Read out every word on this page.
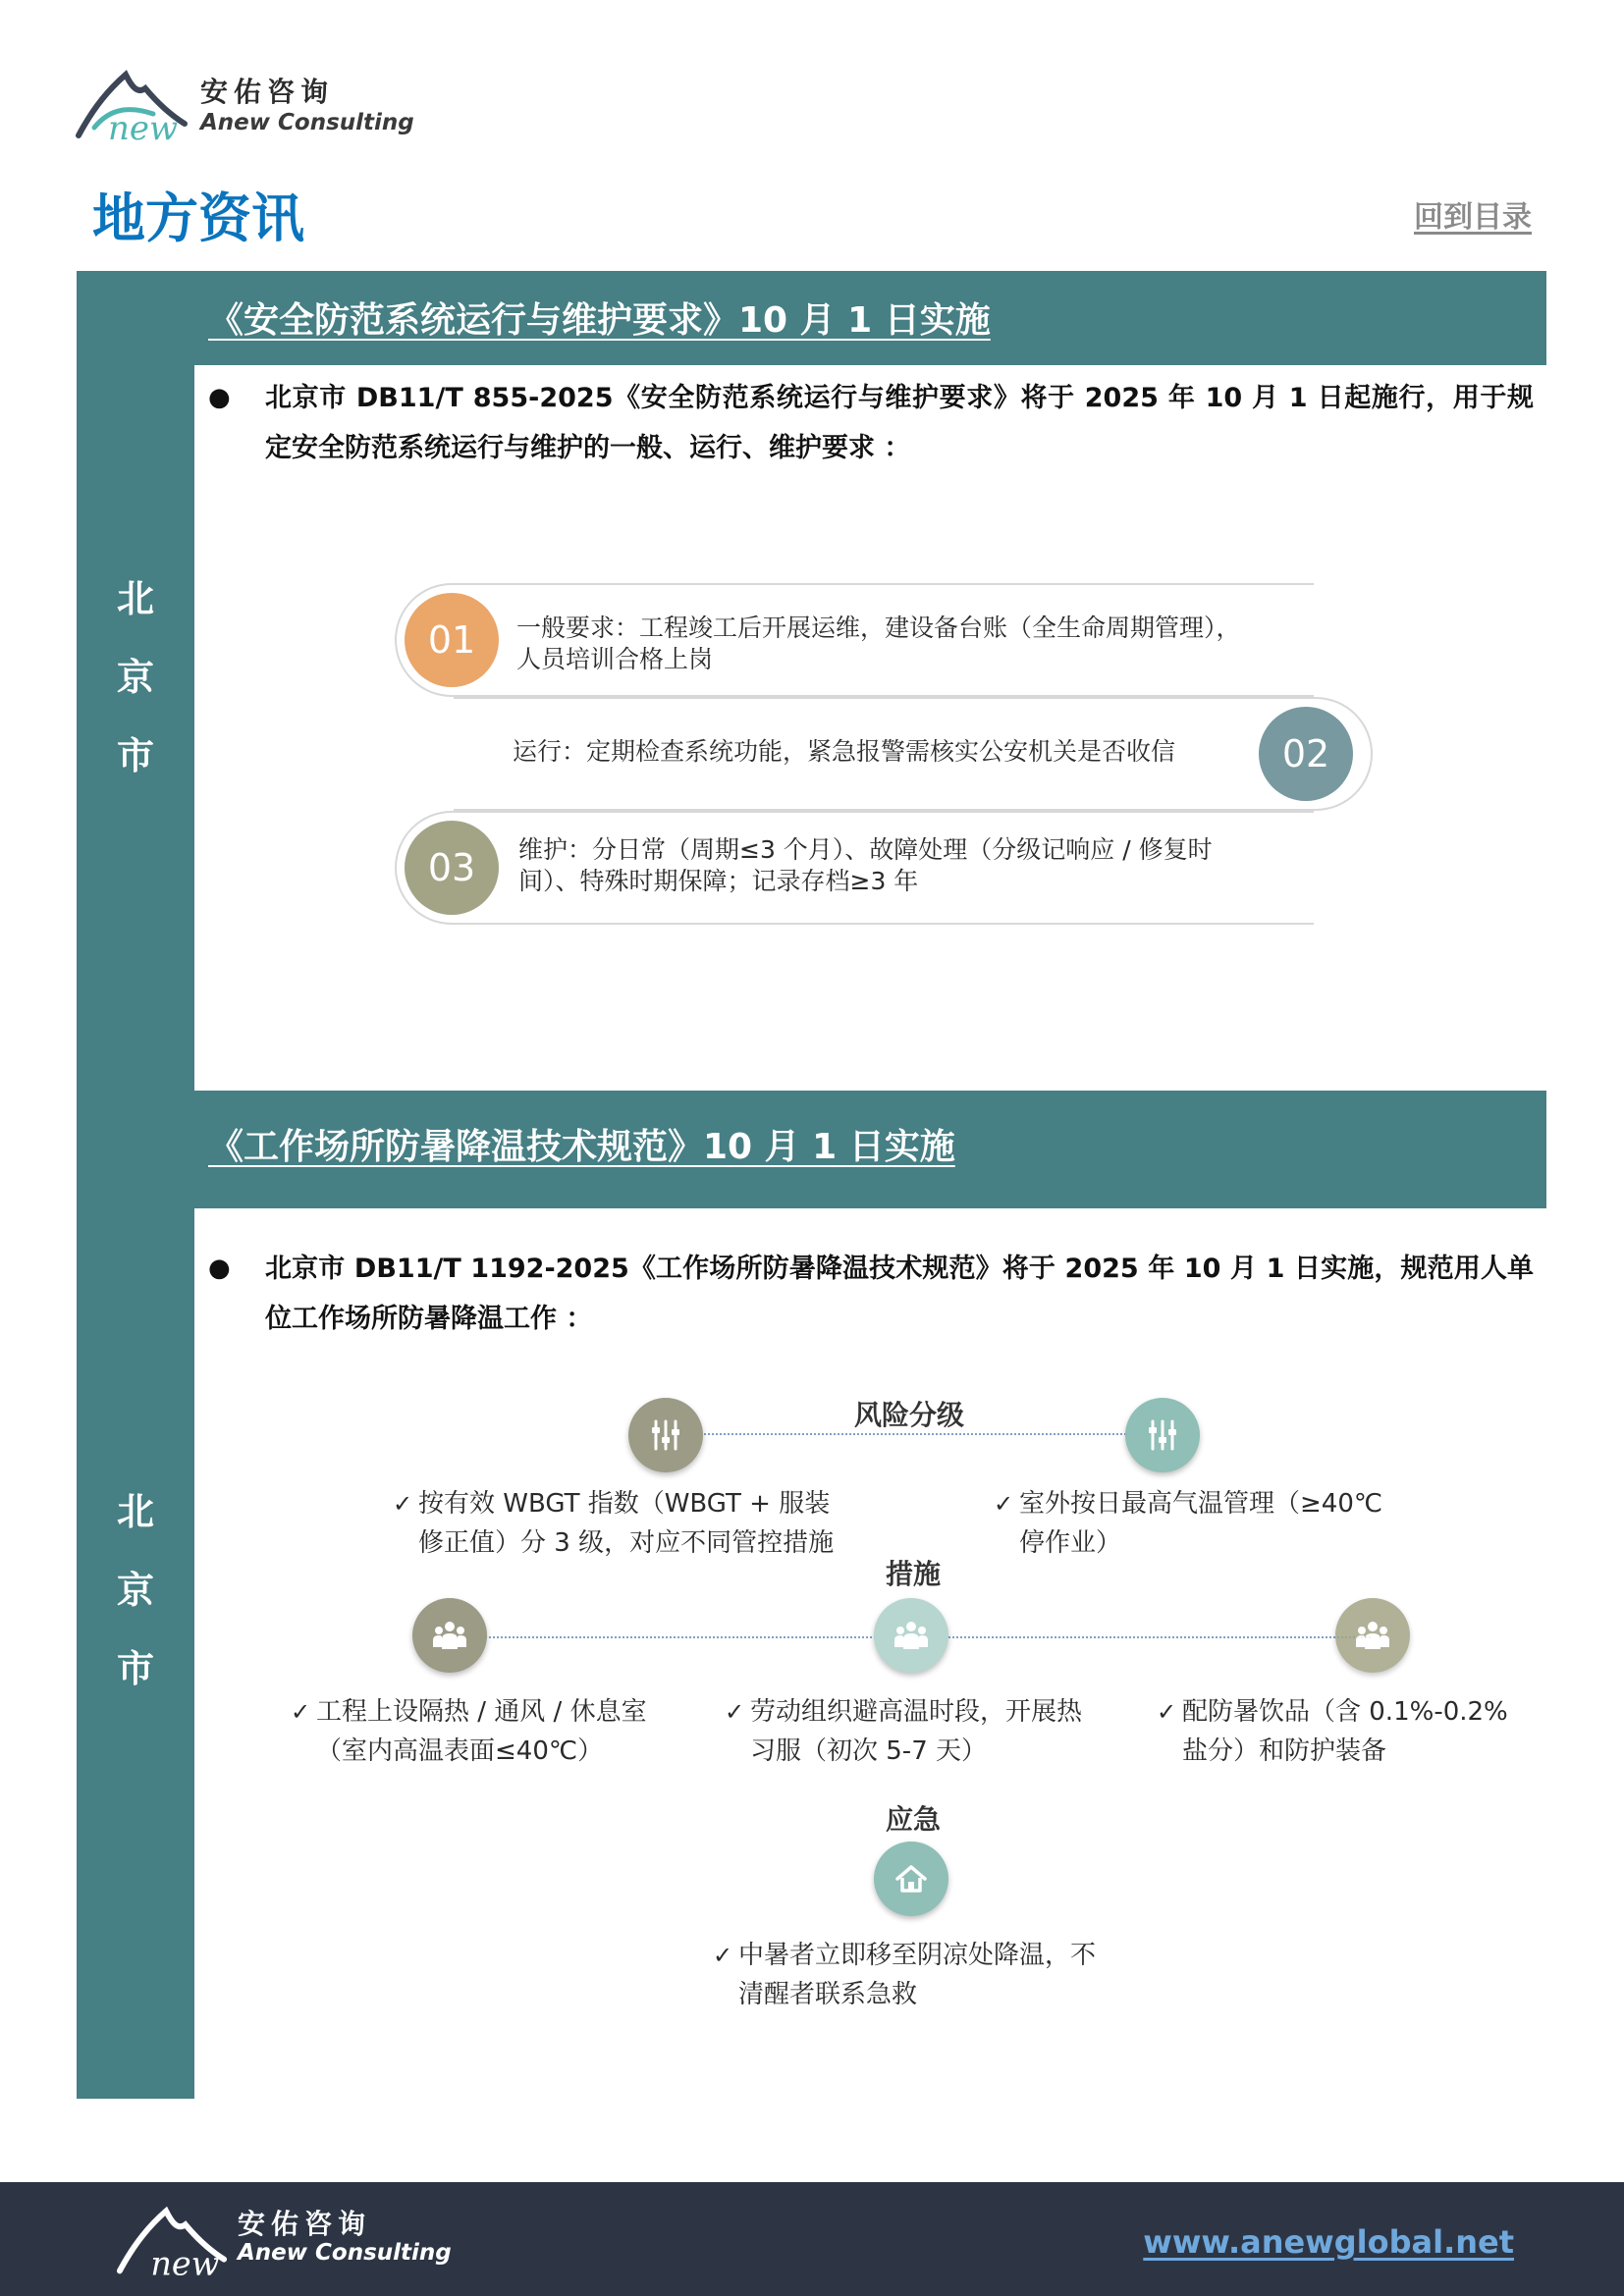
new
安佑咨询
Anew Consulting
地方资讯	回到目录
《安全防范系统运行与维护要求》10 月 1 日实施
北
京
市
● 北京市 DB11/T 855-2025《安全防范系统运行与维护要求》将于 2025 年 10 月 1 日起施行，用于规定安全防范系统运行与维护的一般、运行、维护要求 ：
01	一般要求：工程竣工后开展运维，建设备台账（全生命周期管理），人员培训合格上岗
02
运行：定期检查系统功能，紧急报警需核实公安机关是否收信
03	维护：分日常（周期≤3 个月）、故障处理（分级记响应 / 修复时间）、特殊时期保障；记录存档≥3 年
《工作场所防暑降温技术规范》10 月 1 日实施
北
京
市
● 北京市 DB11/T 1192-2025《工作场所防暑降温技术规范》将于 2025 年 10 月 1 日实施，规范用人单位工作场所防暑降温工作 ：
风险分级
✓ 按有效 WBGT 指数（WBGT + 服装修正值）分 3 级，对应不同管控措施
✓ 室外按日最高气温管理（≥40℃停作业）
措施
✓ 工程上设隔热 / 通风 / 休息室（室内高温表面≤40℃）
✓ 劳动组织避高温时段，开展热习服（初次 5-7 天）
✓ 配防暑饮品（含 0.1%-0.2%盐分）和防护装备
应急
✓ 中暑者立即移至阴凉处降温，不清醒者联系急救
new
安佑咨询
Anew Consulting	www.anewglobal.net
